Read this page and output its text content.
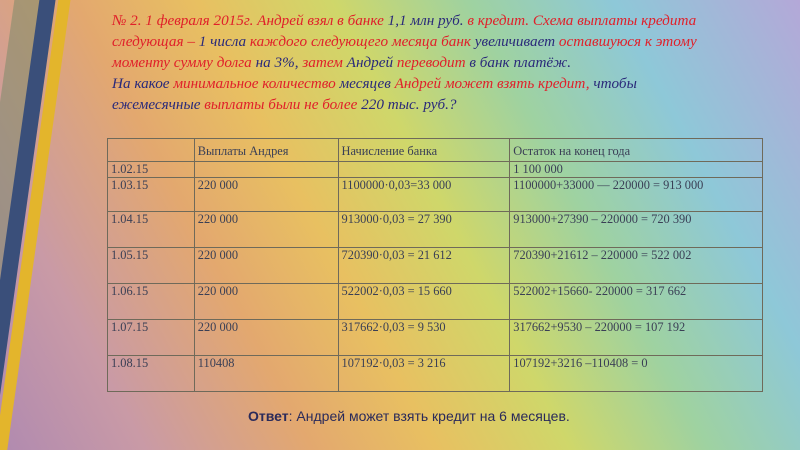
№ 2. 1 февраля 2015г. Андрей взял в банке 1,1 млн руб. в кредит. Схема выплаты кредита
следующая – 1 числа каждого следующего месяца банк увеличивает оставшуюся к этому
моменту сумму долга на 3%, затем Андрей переводит в банк платёж.
На какое минимальное количество месяцев Андрей может взять кредит, чтобы
ежемесячные выплаты были не более 220 тыс. руб.?
	Выплаты Андрея	Начисление банка	Остаток на конец года
1.02.15			1 100 000
1.03.15	220 000	1100000·0,03=33 000	1100000+33000 — 220000 = 913 000
1.04.15	220 000	913000·0,03 = 27 390	913000+27390 – 220000 = 720 390
1.05.15	220 000	720390·0,03 = 21 612	720390+21612 – 220000 = 522 002
1.06.15	220 000	522002·0,03 = 15 660	522002+15660- 220000 = 317 662
1.07.15	220 000	317662·0,03 = 9 530	317662+9530 – 220000 = 107 192
1.08.15	110408	107192·0,03 = 3 216	107192+3216 –110408 = 0
Ответ: Андрей может взять кредит на 6 месяцев.
